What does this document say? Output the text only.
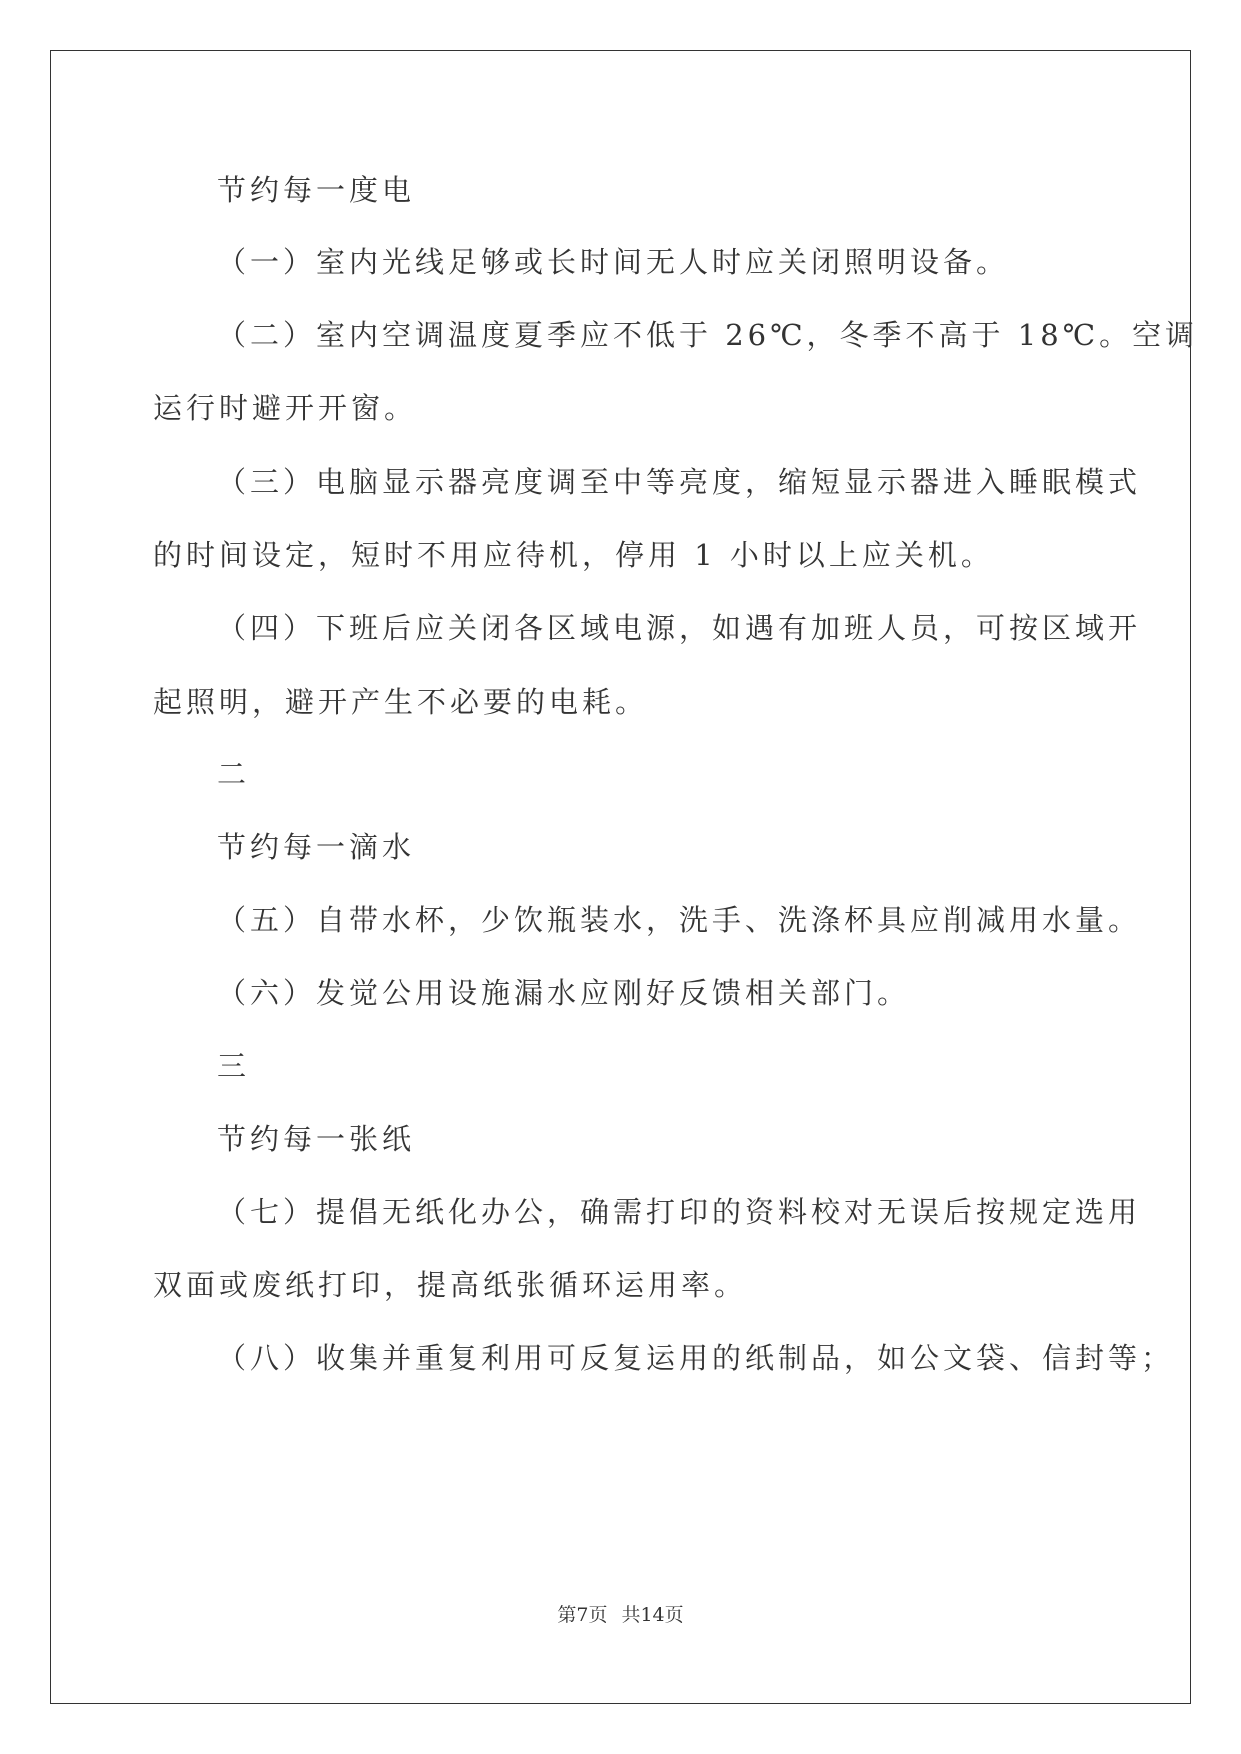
节约每一度电
（一）室内光线足够或长时间无人时应关闭照明设备。
（二）室内空调温度夏季应不低于 26℃，冬季不高于 18℃。空调
运行时避开开窗。
（三）电脑显示器亮度调至中等亮度，缩短显示器进入睡眠模式
的时间设定，短时不用应待机，停用 1 小时以上应关机。
（四）下班后应关闭各区域电源，如遇有加班人员，可按区域开
起照明，避开产生不必要的电耗。
二
节约每一滴水
（五）自带水杯，少饮瓶装水，洗手、洗涤杯具应削减用水量。
（六）发觉公用设施漏水应刚好反馈相关部门。
三
节约每一张纸
（七）提倡无纸化办公，确需打印的资料校对无误后按规定选用
双面或废纸打印，提高纸张循环运用率。
（八）收集并重复利用可反复运用的纸制品，如公文袋、信封等；
第7页 共14页
